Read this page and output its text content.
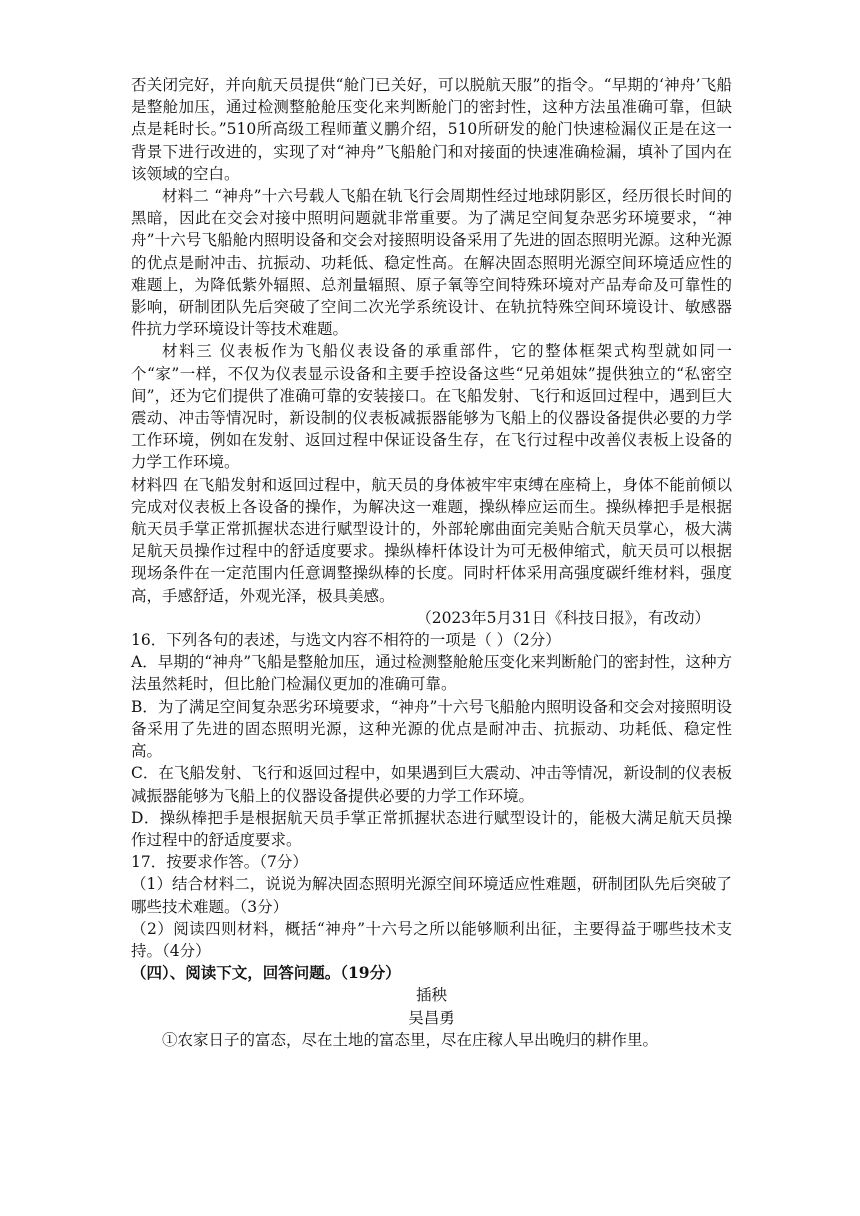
否关闭完好，并向航天员提供“舱门已关好，可以脱航天服”的指令。“早期的‘神舟’飞船是整舱加压，通过检测整舱舱压变化来判断舱门的密封性，这种方法虽准确可靠，但缺点是耗时长。”510所高级工程师董义鹏介绍，510所研发的舱门快速检漏仪正是在这一背景下进行改进的，实现了对“神舟”飞船舱门和对接面的快速准确检漏，填补了国内在该领域的空白。

材料二 “神舟”十六号载人飞船在轨飞行会周期性经过地球阴影区，经历很长时间的黑暗，因此在交会对接中照明问题就非常重要。为了满足空间复杂恶劣环境要求，“神舟”十六号飞船舱内照明设备和交会对接照明设备采用了先进的固态照明光源。这种光源的优点是耐冲击、抗振动、功耗低、稳定性高。在解决固态照明光源空间环境适应性的难题上，为降低紫外辐照、总剂量辐照、原子氧等空间特殊环境对产品寿命及可靠性的影响，研制团队先后突破了空间二次光学系统设计、在轨抗特殊空间环境设计、敏感器件抗力学环境设计等技术难题。

材料三 仪表板作为飞船仪表设备的承重部件，它的整体框架式构型就如同一个“家”一样，不仅为仪表显示设备和主要手控设备这些“兄弟姐妹”提供独立的“私密空间”，还为它们提供了准确可靠的安装接口。在飞船发射、飞行和返回过程中，遇到巨大震动、冲击等情况时，新设制的仪表板减振器能够为飞船上的仪器设备提供必要的力学工作环境，例如在发射、返回过程中保证设备生存，在飞行过程中改善仪表板上设备的力学工作环境。

材料四 在飞船发射和返回过程中，航天员的身体被牢牢束缚在座椅上，身体不能前倾以完成对仪表板上各设备的操作，为解决这一难题，操纵棒应运而生。操纵棒把手是根据航天员手掌正常抓握状态进行赋型设计的，外部轮廓曲面完美贴合航天员掌心，极大满足航天员操作过程中的舒适度要求。操纵棒杆体设计为可无极伸缩式，航天员可以根据现场条件在一定范围内任意调整操纵棒的长度。同时杆体采用高强度碳纤维材料，强度高，手感舒适，外观光泽，极具美感。

（2023年5月31日《科技日报》，有改动）

16．下列各句的表述，与选文内容不相符的一项是（ ）（2分）

A．早期的“神舟”飞船是整舱加压，通过检测整舱舱压变化来判断舱门的密封性，这种方法虽然耗时，但比舱门检漏仪更加的准确可靠。

B．为了满足空间复杂恶劣环境要求，“神舟”十六号飞船舱内照明设备和交会对接照明设备采用了先进的固态照明光源，这种光源的优点是耐冲击、抗振动、功耗低、稳定性高。

C．在飞船发射、飞行和返回过程中，如果遇到巨大震动、冲击等情况，新设制的仪表板减振器能够为飞船上的仪器设备提供必要的力学工作环境。

D．操纵棒把手是根据航天员手掌正常抓握状态进行赋型设计的，能极大满足航天员操作过程中的舒适度要求。

17．按要求作答。（7分）

（1）结合材料二，说说为解决固态照明光源空间环境适应性难题，研制团队先后突破了哪些技术难题。（3分）

（2）阅读四则材料，概括“神舟”十六号之所以能够顺利出征，主要得益于哪些技术支持。（4分）

（四）、阅读下文，回答问题。（19分）

插秧

吴昌勇

①农家日子的富态，尽在土地的富态里，尽在庄稼人早出晚归的耕作里。
